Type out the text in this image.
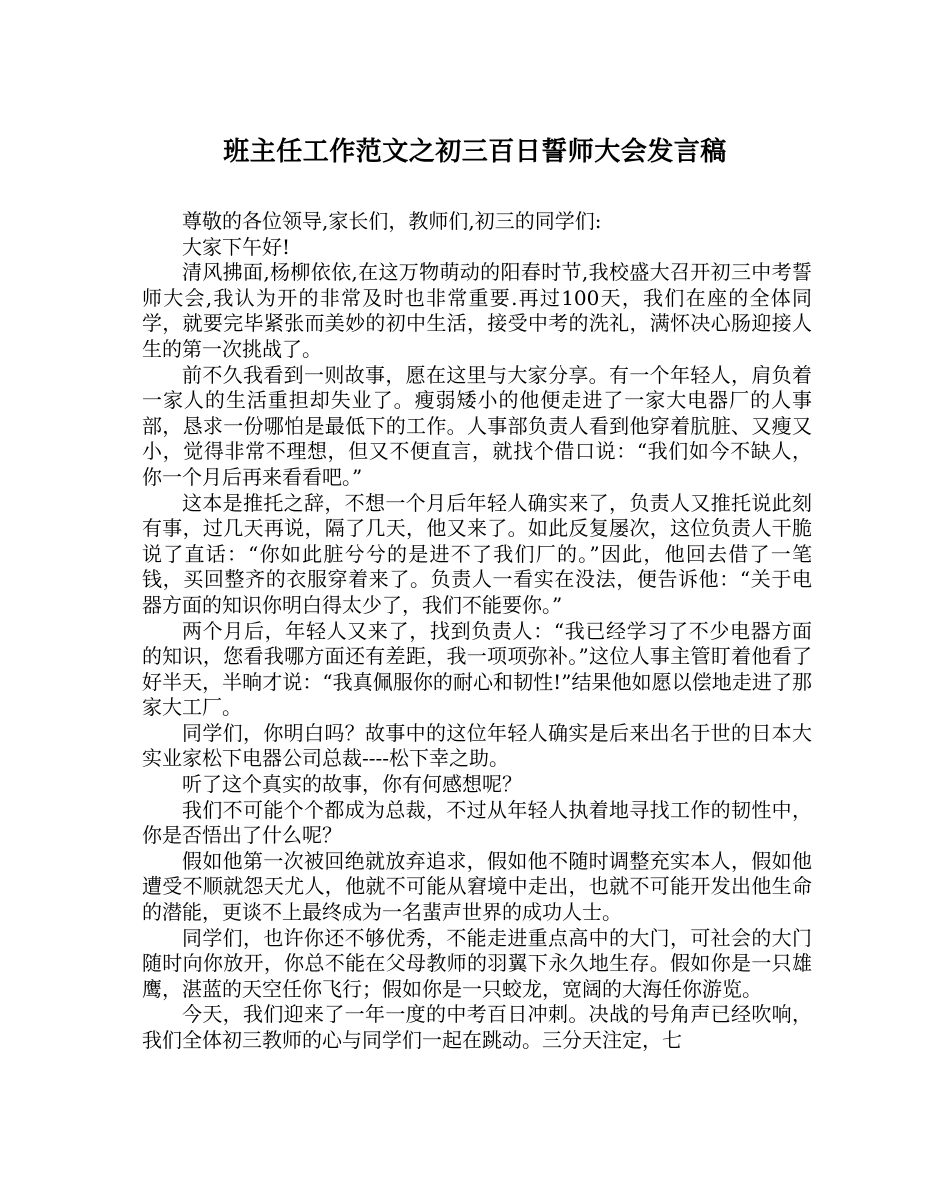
班主任工作范文之初三百日誓师大会发言稿

尊敬的各位领导,家长们，教师们,初三的同学们:

大家下午好!

清风拂面,杨柳依依,在这万物萌动的阳春时节,我校盛大召开初三中考誓师大会,我认为开的非常及时也非常重要.再过100天，我们在座的全体同学，就要完毕紧张而美妙的初中生活，接受中考的洗礼，满怀决心肠迎接人生的第一次挑战了。

前不久我看到一则故事，愿在这里与大家分享。有一个年轻人，肩负着一家人的生活重担却失业了。瘦弱矮小的他便走进了一家大电器厂的人事部，恳求一份哪怕是最低下的工作。人事部负责人看到他穿着肮脏、又瘦又小，觉得非常不理想，但又不便直言，就找个借口说：“我们如今不缺人，你一个月后再来看看吧。”

这本是推托之辞，不想一个月后年轻人确实来了，负责人又推托说此刻有事，过几天再说，隔了几天，他又来了。如此反复屡次，这位负责人干脆说了直话：“你如此脏兮兮的是进不了我们厂的。”因此，他回去借了一笔钱，买回整齐的衣服穿着来了。负责人一看实在没法，便告诉他：“关于电器方面的知识你明白得太少了，我们不能要你。”

两个月后，年轻人又来了，找到负责人：“我已经学习了不少电器方面的知识，您看我哪方面还有差距，我一项项弥补。”这位人事主管盯着他看了好半天，半晌才说：“我真佩服你的耐心和韧性!”结果他如愿以偿地走进了那家大工厂。

同学们，你明白吗？故事中的这位年轻人确实是后来出名于世的日本大实业家松下电器公司总裁----松下幸之助。

听了这个真实的故事，你有何感想呢？

我们不可能个个都成为总裁，不过从年轻人执着地寻找工作的韧性中，你是否悟出了什么呢？

假如他第一次被回绝就放弃追求，假如他不随时调整充实本人，假如他遭受不顺就怨天尤人，他就不可能从窘境中走出，也就不可能开发出他生命的潜能，更谈不上最终成为一名蜚声世界的成功人士。

同学们，也许你还不够优秀，不能走进重点高中的大门，可社会的大门随时向你放开，你总不能在父母教师的羽翼下永久地生存。假如你是一只雄鹰，湛蓝的天空任你飞行；假如你是一只蛟龙，宽阔的大海任你游览。

今天，我们迎来了一年一度的中考百日冲刺。决战的号角声已经吹响，我们全体初三教师的心与同学们一起在跳动。三分天注定，七
